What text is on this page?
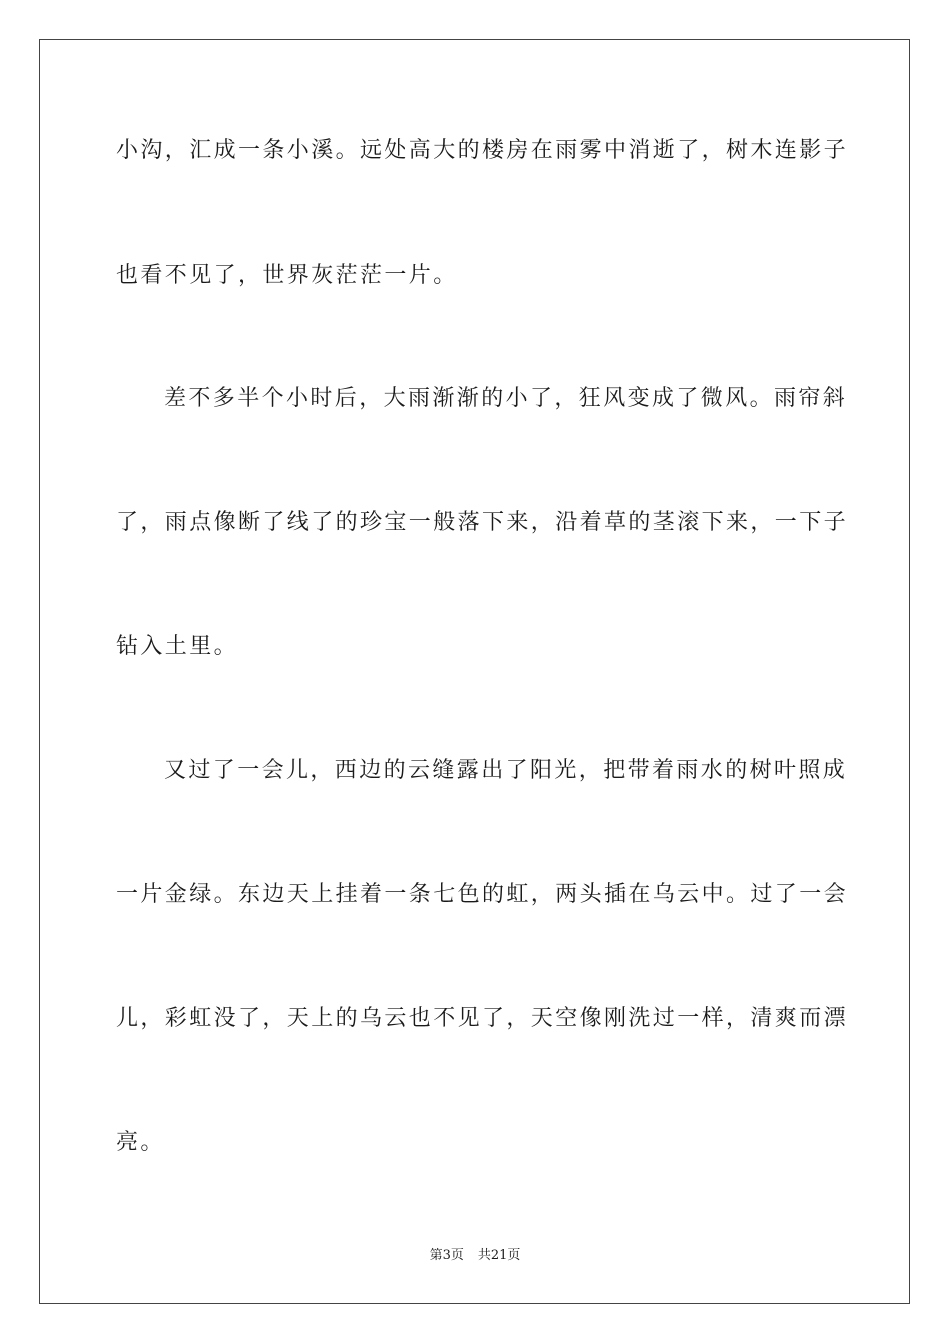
小沟，汇成一条小溪。远处高大的楼房在雨雾中消逝了，树木连影子
也看不见了，世界灰茫茫一片。
差不多半个小时后，大雨渐渐的小了，狂风变成了微风。雨帘斜
了，雨点像断了线了的珍宝一般落下来，沿着草的茎滚下来，一下子
钻入土里。
又过了一会儿，西边的云缝露出了阳光，把带着雨水的树叶照成
一片金绿。东边天上挂着一条七色的虹，两头插在乌云中。过了一会
儿，彩虹没了，天上的乌云也不见了，天空像刚洗过一样，清爽而漂
亮。
第3页 共21页
